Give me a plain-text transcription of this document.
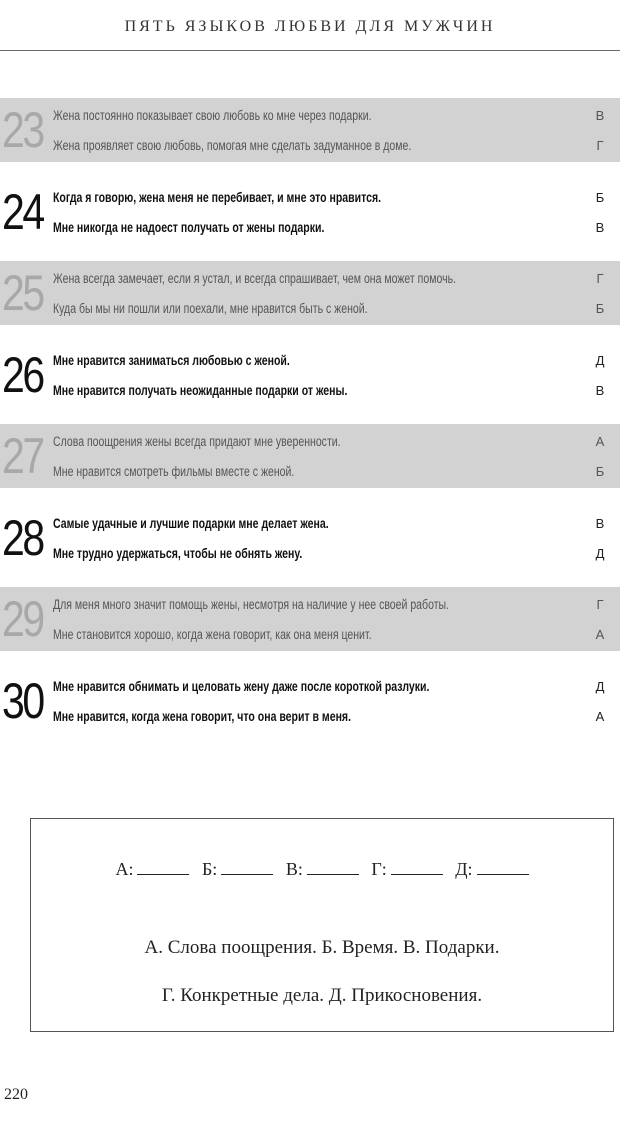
ПЯТЬ ЯЗЫКОВ ЛЮБВИ ДЛЯ МУЖЧИН
23 Жена постоянно показывает свою любовь ко мне через подарки.	В
Жена проявляет свою любовь, помогая мне сделать задуманное в доме.	Г
24 Когда я говорю, жена меня не перебивает, и мне это нравится.	Б
Мне никогда не надоест получать от жены подарки.	В
25 Жена всегда замечает, если я устал, и всегда спрашивает, чем она может помочь.	Г
Куда бы мы ни пошли или поехали, мне нравится быть с женой.	Б
26 Мне нравится заниматься любовью с женой.	Д
Мне нравится получать неожиданные подарки от жены.	В
27 Слова поощрения жены всегда придают мне уверенности.	А
Мне нравится смотреть фильмы вместе с женой.	Б
28 Самые удачные и лучшие подарки мне делает жена.	В
Мне трудно удержаться, чтобы не обнять жену.	Д
29 Для меня много значит помощь жены, несмотря на наличие у нее своей работы.	Г
Мне становится хорошо, когда жена говорит, как она меня ценит.	А
30 Мне нравится обнимать и целовать жену даже после короткой разлуки.	Д
Мне нравится, когда жена говорит, что она верит в меня.	А
А:	Б:	В:	Г:	Д:
А. Слова поощрения. Б. Время. В. Подарки.
Г. Конкретные дела. Д. Прикосновения.
220
